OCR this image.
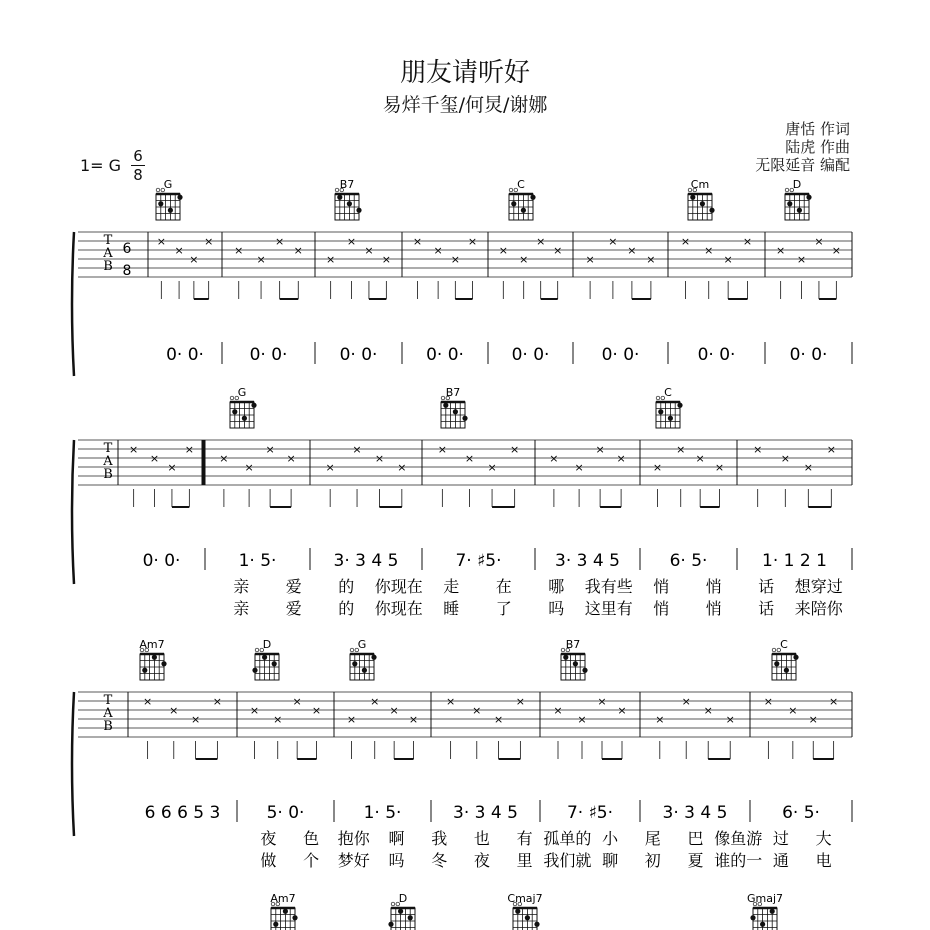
朋友请听好
易烊千玺/何炅/谢娜
唐恬 作词
陆虎 作曲
无限延音 编配
1= G 6
8
G	B7	C	Cm	D
T
A
B
×
×
×
×
×
×
×
×
×
×
×
×
×
×
×
×
×
×
×
×
×
×
×
×
×
×
×
×
×
×
×
×
0· 0·	0· 0·	0· 0·	0· 0·	0· 0·	0· 0·	0· 0·	0· 0·
G	B7	C
T
A
B
×
×
×
×
×
×
×
×
×
×
×
×
×
×
×
×
×
×
×
×
×
×
×
×
×
×
×
×
0· 0·	1· 5·	3· 3 4 5	7· ♯5·	3· 3 4 5	6· 5·	1· 1 2 1
亲 爱 的 你现在 走 在 哪 我有些 悄 悄 话 想穿过
亲 爱 的 你现在 睡 了 吗 这里有 悄 悄 话 来陪你
Am7	D	G	B7	C
T
A
B
×
×
×
×
×
×
×
×
×
×
×
×
×
×
×
×
×
×
×
×
×
×
×
×
×
×
×
×
6 6 6 5 3	5· 0·	1· 5·	3· 3 4 5	7· ♯5·	3· 3 4 5	6· 5·
夜 色 抱你 啊 我 也 有 孤单的 小 尾 巴 像鱼游 过 大
做 个 梦好 吗 冬 夜 里 我们就 聊 初 夏 谁的一 通 电
Am7	D	Cmaj7	Gmaj7
6
8
